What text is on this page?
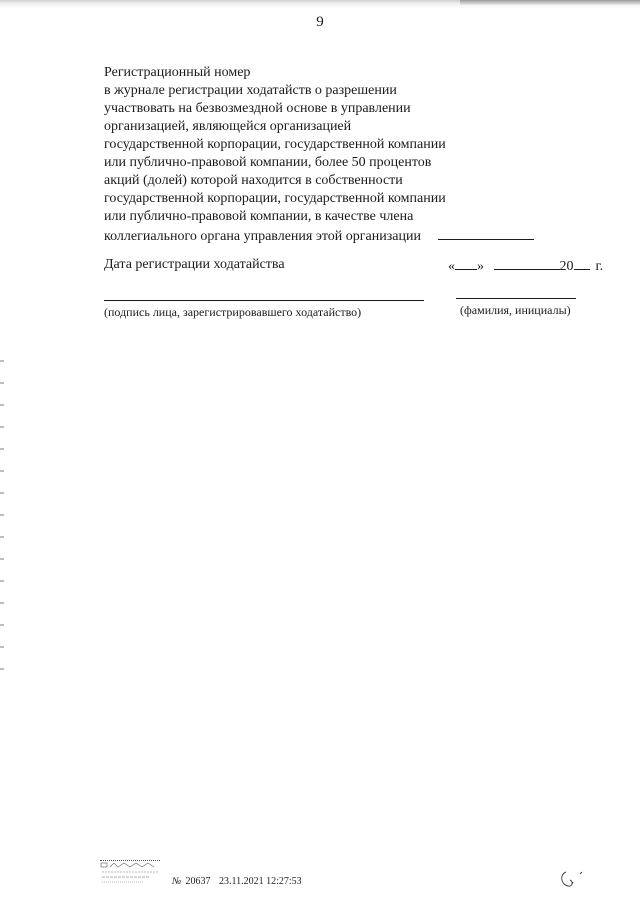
9
Регистрационный номер
в журнале регистрации ходатайств о разрешении
участвовать на безвозмездной основе в управлении
организацией, являющейся организацией
государственной корпорации, государственной компании
или публично-правовой компании, более 50 процентов
акций (долей) которой находится в собственности
государственной корпорации, государственной компании
или публично-правовой компании, в качестве члена
коллегиального органа управления этой организации
Дата регистрации ходатайства	« »	20 г.
(подпись лица, зарегистрировавшего ходатайство)	(фамилия, инициалы)
№ 20637 23.11.2021 12:27:53
